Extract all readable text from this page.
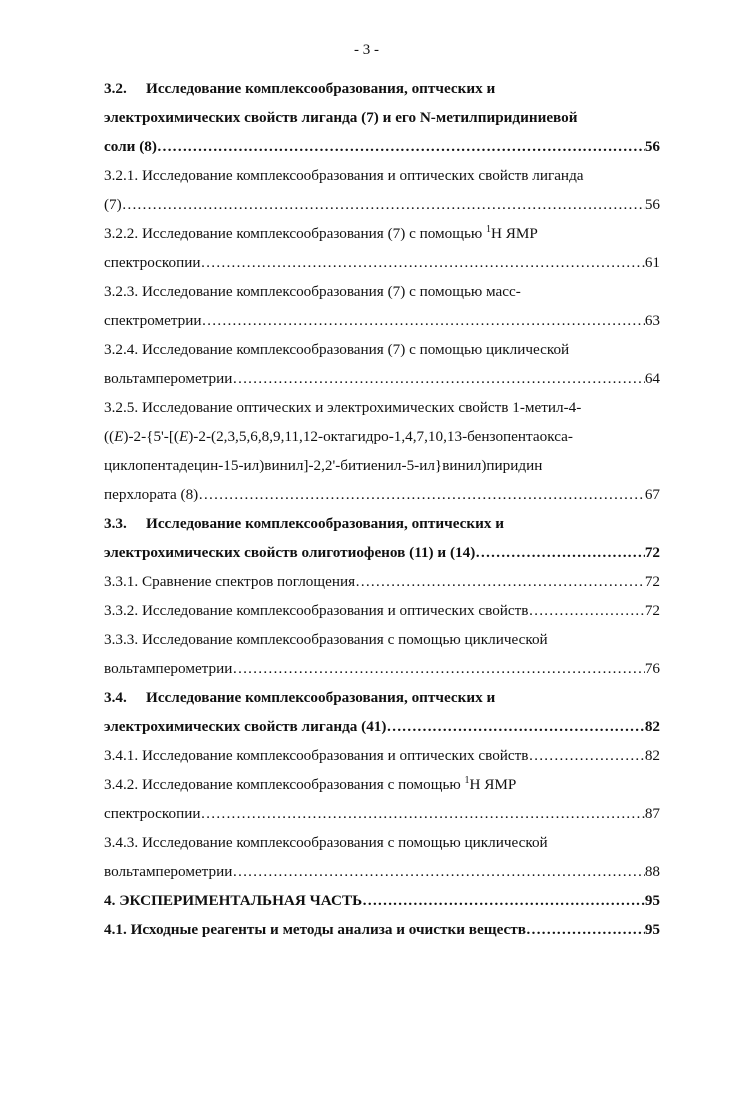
- 3 -
3.2. Исследование комплексообразования, оптческих и
электрохимических свойств лиганда (7) и его N-метилпиридиниевой
соли (8) …………………………………………………………………………………………………………………………………………………………………………………………………	56
3.2.1. Исследование комплексообразования и оптических свойств лиганда
(7) …………………………………………………………………………………………………………………………………………………………………………………………………	56
3.2.2. Исследование комплексообразования (7) с помощью $^1$H ЯМР
спектроскопии …………………………………………………………………………………………………………………………………………………………………………………………………	61
3.2.3. Исследование комплексообразования (7) с помощью масс-
спектрометрии …………………………………………………………………………………………………………………………………………………………………………………………………	63
3.2.4. Исследование комплексообразования (7) с помощью циклической
вольтамперометрии …………………………………………………………………………………………………………………………………………………………………………………………………	64
3.2.5. Исследование оптических и электрохимических свойств 1-метил-4-
((E)-2-{5'-[(E)-2-(2,3,5,6,8,9,11,12-октагидро-1,4,7,10,13-бензопентаокса-
циклопентадецин-15-ил)винил]-2,2'-битиенил-5-ил}винил)пиридин
перхлората (8) …………………………………………………………………………………………………………………………………………………………………………………………………	67
3.3. Исследование комплексообразования, оптических и
электрохимических свойств олиготиофенов (11) и (14) …………………………………………………………………………………………………………………………………………………………………………………………………	72
3.3.1. Сравнение спектров поглощения …………………………………………………………………………………………………………………………………………………………………………………………………	72
3.3.2. Исследование комплексообразования и оптических свойств …………………………………………………………………………………………………………………………………………………………………………………………………	72
3.3.3. Исследование комплексообразования с помощью циклической
вольтамперометрии …………………………………………………………………………………………………………………………………………………………………………………………………	76
3.4. Исследование комплексообразования, оптческих и
электрохимических свойств лиганда (41) …………………………………………………………………………………………………………………………………………………………………………………………………	82
3.4.1. Исследование комплексообразования и оптических свойств …………………………………………………………………………………………………………………………………………………………………………………………………	82
3.4.2. Исследование комплексообразования с помощью $^1$H ЯМР
спектроскопии …………………………………………………………………………………………………………………………………………………………………………………………………	87
3.4.3. Исследование комплексообразования с помощью циклической
вольтамперометрии …………………………………………………………………………………………………………………………………………………………………………………………………	88
4. ЭКСПЕРИМЕНТАЛЬНАЯ ЧАСТЬ …………………………………………………………………………………………………………………………………………………………………………………………………	95
4.1. Исходные реагенты и методы анализа и очистки веществ …………………………………………………………………………………………………………………………………………………………………………………………………	95
